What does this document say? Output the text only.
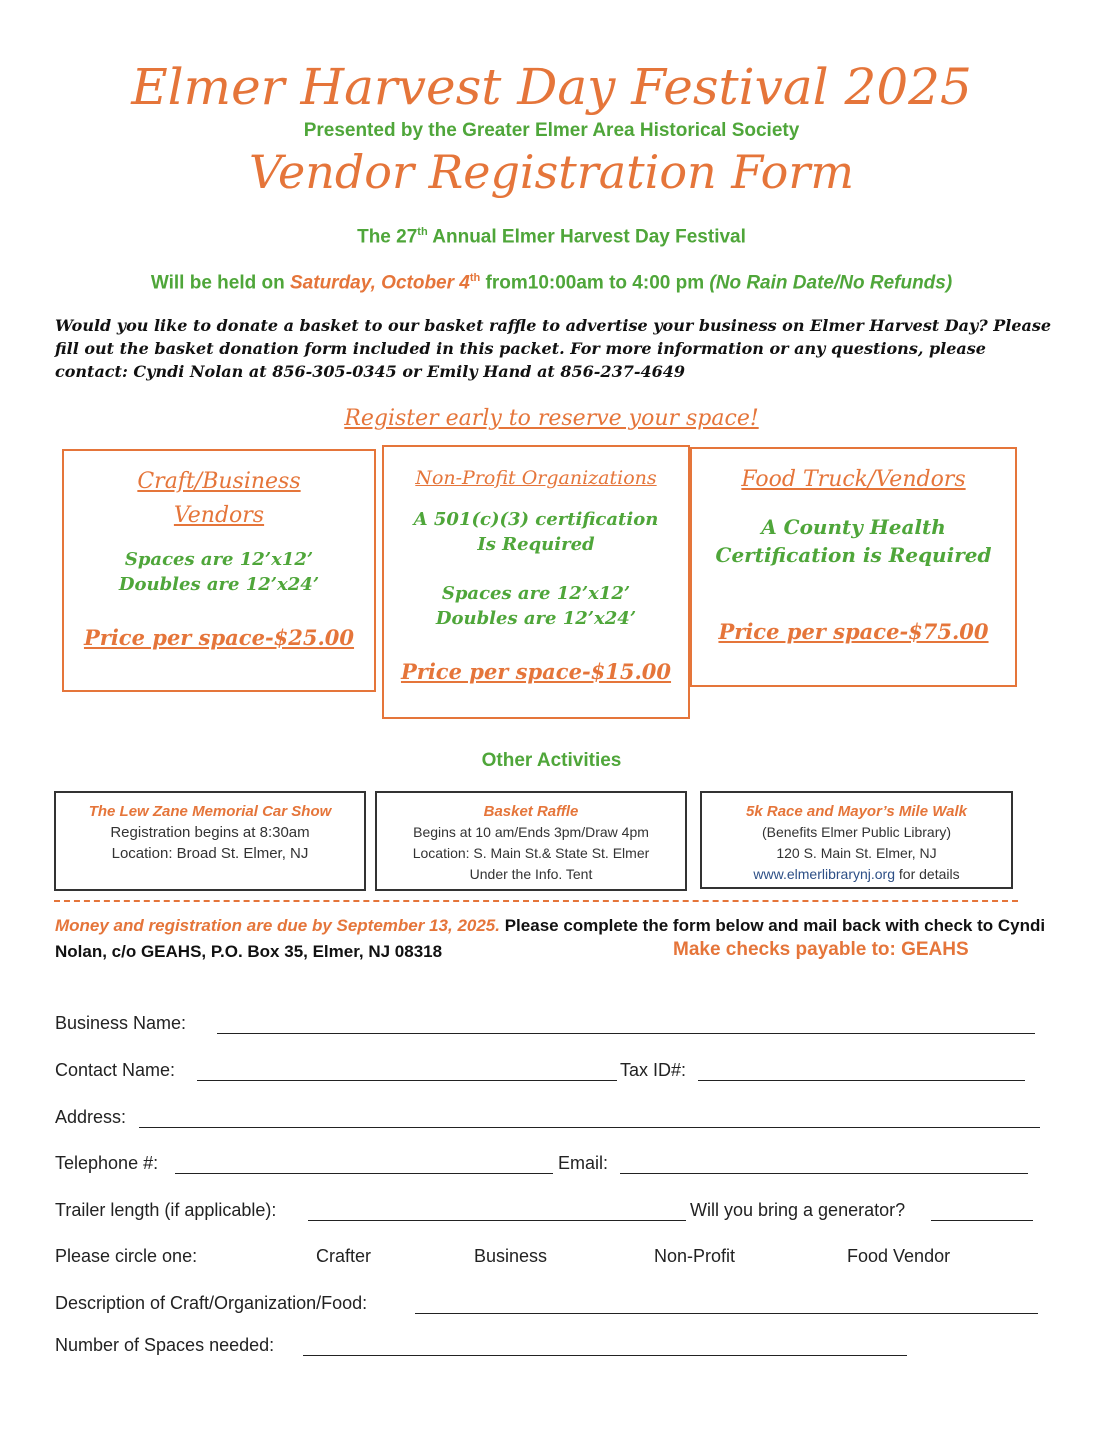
Elmer Harvest Day Festival 2025
Presented by the Greater Elmer Area Historical Society
Vendor Registration Form
The 27th Annual Elmer Harvest Day Festival
Will be held on Saturday, October 4th from10:00am to 4:00 pm (No Rain Date/No Refunds)
Would you like to donate a basket to our basket raffle to advertise your business on Elmer Harvest Day? Please fill out the basket donation form included in this packet. For more information or any questions, please contact: Cyndi Nolan at 856-305-0345 or Emily Hand at 856-237-4649
Register early to reserve your space!
Craft/Business
Vendors
Spaces are 12’x12’
Doubles are 12’x24’
Price per space-$25.00
Non-Profit Organizations
A 501(c)(3) certification
Is Required
Spaces are 12’x12’
Doubles are 12’x24’
Price per space-$15.00
Food Truck/Vendors
A County Health
Certification is Required
Price per space-$75.00
Other Activities
The Lew Zane Memorial Car Show
Registration begins at 8:30am
Location: Broad St. Elmer, NJ
Basket Raffle
Begins at 10 am/Ends 3pm/Draw 4pm
Location: S. Main St.& State St. Elmer
Under the Info. Tent
5k Race and Mayor’s Mile Walk
(Benefits Elmer Public Library)
120 S. Main St. Elmer, NJ
www.elmerlibrarynj.org for details
Money and registration are due by September 13, 2025. Please complete the form below and mail back with check to Cyndi Nolan, c/o GEAHS, P.O. Box 35, Elmer, NJ 08318	Make checks payable to: GEAHS
Business Name:
Contact Name:	Tax ID#:
Address:
Telephone #:	Email:
Trailer length (if applicable):	Will you bring a generator?
Please circle one:	Crafter	Business	Non-Profit	Food Vendor
Description of Craft/Organization/Food:
Number of Spaces needed:
